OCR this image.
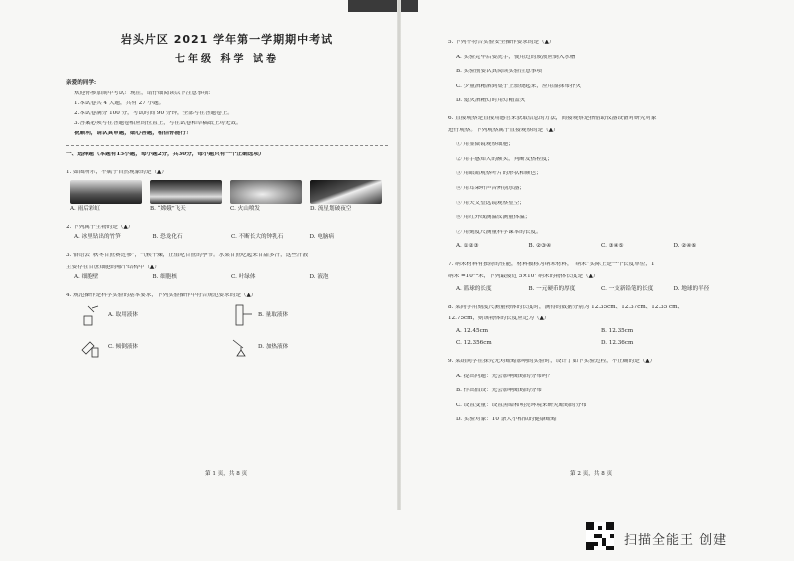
岩头片区 2021 学年第一学期期中考试
七年级 科学 试卷
亲爱的同学:
欢迎你参加期中考试！现在，请仔细阅读以下注意事项:
1.本试卷共 4 大题，共有 27 小题。
2.本试卷满分 100 分，考试时间 90 分钟，全部写在答题卷上。
3.答案必须写在答题卷相应的位置上，写在试卷和草稿纸上均无效。
祝顺利，请认真审题，细心答题，相信你能行！
一、选择题（本题有15小题，每小题2分，共30分，每小题只有一个正确选项）
1. 如图所示，不属于自然现象的是（▲）
A. 雨后彩虹	B. “嫦娥”飞天	C. 火山喷发	D. 流星划破夜空
2. 下列属于生物的是（▲）
A. 冰里钻出的竹笋	B. 恐龙化石	C. 不断长大的钟乳石	D. 电脑病
3. 俗语云“秋冬甘蔗赛过参”，气候干燥，正值吃甘蔗的季节。水果甘蔗吃起来甘甜多汁，这些汁液
主要存在甘蔗细胞的哪个结构中（▲）
A. 细胞壁	B. 细胞核	C. 叶绿体	D. 液泡
4. 规范操作是科学实验的基本要求，下列实验操作中符合规范要求的是（▲）
A. 取用液体	B. 量取液体
C. 倾倒液体	D. 加热液体
第 1 页，共 8 页
5. 下列不符合实验安全操作要求的是（▲）
A. 实验完毕后要洗手，使用过的废液应倒入水槽
B. 实验前要认真阅读实验注意事项
C. 少量酒精洒到桌子上燃烧起来，应用湿抹布扑灭
D. 熄灭酒精灯时用灯帽盖灭
6. 直接观察是直接用感官来获取信息的方法，间接观察是指借助仪器设备对研究对象
进行观察。下列观察属于直接观察的是（▲）
① 用显微镜观察细胞；
② 用手感知人的额头，判断发热程度；
③ 用眼睛观察叶片的形状和颜色；
④ 用耳朵听声音辨别乐器；
⑤ 用天文望远镜观察星空；
⑥ 用红外线测温仪测量体温；
⑦ 用刻度尺测量科学课本的长度。
A. ①②③	B. ②③④	C. ③④⑤	D. ②④⑥
7. 纳米材料有独特的性能，材料被称为纳米材料，“纳米”实际上是一个长度单位，1
纳米 =10⁻⁹米，下列最接近 5×10⁷ 纳米的物体长度是（▲）
A. 篮球的长度	B. 一元硬币的厚度	C. 一支新铅笔的长度	D. 地球的半径
8. 某同学用刻度尺测量物体的长度时，测得的数据分别为 12.35cm、12.37cm、12.35 cm、
12.75cm，则该物体的长度应记为（▲）
A. 12.45cm	B. 12.35cm
C. 12.356cm	D. 12.36cm
9. 某组同学在探究光对蚯蚓影响的实验时，设计了如下实验过程，不正确的是（▲）
A. 提出问题：光会影响蚯蚓的分布吗？
B. 作出假设：光会影响蚯蚓的分布
C. 设置变量：设置黑暗和明亮环境来研究蚯蚓的分布
D. 实验对象：10 条大小相似的健康蚯蚓
第 2 页，共 8 页
扫描全能王 创建
